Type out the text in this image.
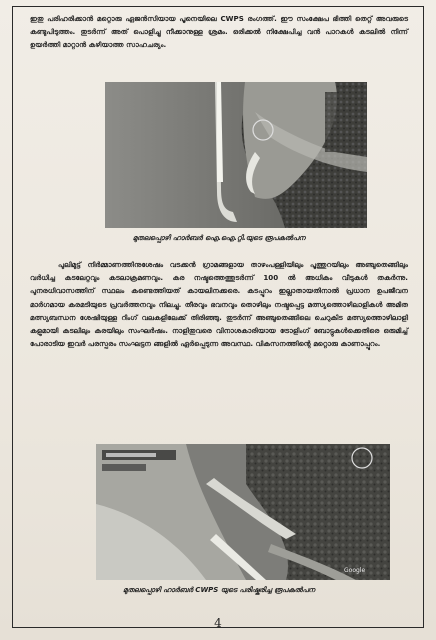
ഇതു പരിഹരിക്കാൻ മറ്റൊരു ഏജൻസിയായ പൂനെയിലെ CWPS രംഗത്ത്. ഈ സംക്ഷേപ ഭിത്തി തെറ്റ് അവരുടെ കണ്ടുപിടുത്തം. തുടർന്ന് അത് പൊളിച്ചു നീക്കാനുള്ള ശ്രമം. ഒരിക്കൽ നിക്ഷേപിച്ച വൻ പാറകൾ കടലിൽ നിന്ന് ഉയർത്തി മാറ്റാൻ കഴിയാത്ത സാഹചര്യം.

മുതലപ്പൊഴി ഹാർബർ ഐ.ഐ.റ്റി.യുടെ രൂപകൽപന

പുലിമുട്ട് നിർമ്മാണത്തിനുശേഷം വടക്കൻ ഗ്രാമങ്ങളായ താഴംപള്ളിയിലും പൂത്തുറയിലും അഞ്ചുതെങ്ങിലും വർധിച്ച കടലേറ്റവും കടലാക്രമണവും. കര നഷ്ടത്തെത്തുടർന്ന് 100 ൽ അധികം വീടുകൾ തകർന്നു. പുനരധിവാസത്തിന് സ്ഥലം കണ്ടെത്തിയത് കായലിനക്കരെ. കടപ്പുറം ഇല്ലാതായതിനാൽ പ്രധാന ഉപജീവന മാർഗമായ കരമടിയുടെ പ്രവർത്തനവും നിലച്ചു. തീരവും ഭവനവും തൊഴിലും നഷ്ടപ്പെട്ട മത്സ്യത്തൊഴിലാളികൾ അമിത മത്സ്യബന്ധന ശേഷിയുള്ള റിംഗ് വലകളിലേക്ക് തിരിഞ്ഞു. തുടർന്ന് അഞ്ചുതെങ്ങിലെ ചെറുകിട മത്സ്യത്തൊഴിലാളി കളുമായി കടലിലും കരയിലും സംഘർഷം. നാളിതുവരെ വിനാശകാരിയായ ട്രോളിംഗ് ബോട്ടുകൾക്കെതിരെ ഒരുമിച്ച് പോരാടിയ ഇവർ പരസ്പരം സംഘട്ടന ങ്ങളിൽ ഏർപ്പെടുന്ന അവസ്ഥ. വികസനത്തിന്റെ മറ്റൊരു കാണാപ്പുറം.

Google

മുതലപ്പൊഴി ഹാർബർ CWPS യുടെ പരിഷ്കരിച്ച രൂപകൽപന

4
